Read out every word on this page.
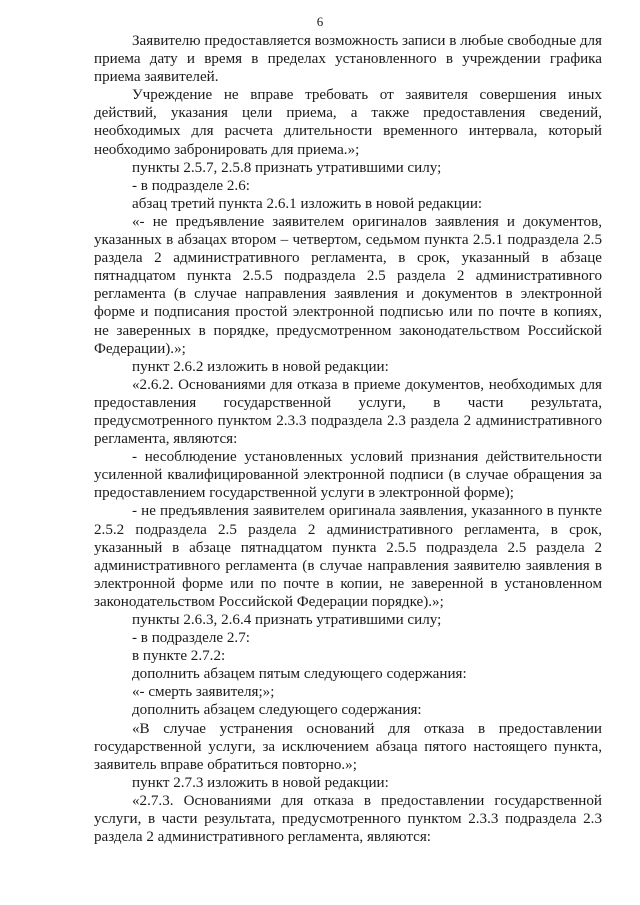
6

Заявителю предоставляется возможность записи в любые свободные для приема дату и время в пределах установленного в учреждении графика приема заявителей.

Учреждение не вправе требовать от заявителя совершения иных действий, указания цели приема, а также предоставления сведений, необходимых для расчета длительности временного интервала, который необходимо забронировать для приема.»;

пункты 2.5.7, 2.5.8 признать утратившими силу;

- в подразделе 2.6:

абзац третий пункта 2.6.1 изложить в новой редакции:

«- не предъявление заявителем оригиналов заявления и документов, указанных в абзацах втором – четвертом, седьмом пункта 2.5.1 подраздела 2.5 раздела 2 административного регламента, в срок, указанный в абзаце пятнадцатом пункта 2.5.5 подраздела 2.5 раздела 2 административного регламента (в случае направления заявления и документов в электронной форме и подписания простой электронной подписью или по почте в копиях, не заверенных в порядке, предусмотренном законодательством Российской Федерации).»;

пункт 2.6.2 изложить в новой редакции:

«2.6.2. Основаниями для отказа в приеме документов, необходимых для предоставления государственной услуги, в части результата, предусмотренного пунктом 2.3.3 подраздела 2.3 раздела 2 административного регламента, являются:

- несоблюдение установленных условий признания действительности усиленной квалифицированной электронной подписи (в случае обращения за предоставлением государственной услуги в электронной форме);

- не предъявления заявителем оригинала заявления, указанного в пункте 2.5.2 подраздела 2.5 раздела 2 административного регламента, в срок, указанный в абзаце пятнадцатом пункта 2.5.5 подраздела 2.5 раздела 2 административного регламента (в случае направления заявителю заявления в электронной форме или по почте в копии, не заверенной в установленном законодательством Российской Федерации порядке).»;

пункты 2.6.3, 2.6.4 признать утратившими силу;

- в подразделе 2.7:

в пункте 2.7.2:

дополнить абзацем пятым следующего содержания:

«- смерть заявителя;»;

дополнить абзацем следующего содержания:

«В случае устранения оснований для отказа в предоставлении государственной услуги, за исключением абзаца пятого настоящего пункта, заявитель вправе обратиться повторно.»;

пункт 2.7.3 изложить в новой редакции:

«2.7.3. Основаниями для отказа в предоставлении государственной услуги, в части результата, предусмотренного пунктом 2.3.3 подраздела 2.3 раздела 2 административного регламента, являются:
